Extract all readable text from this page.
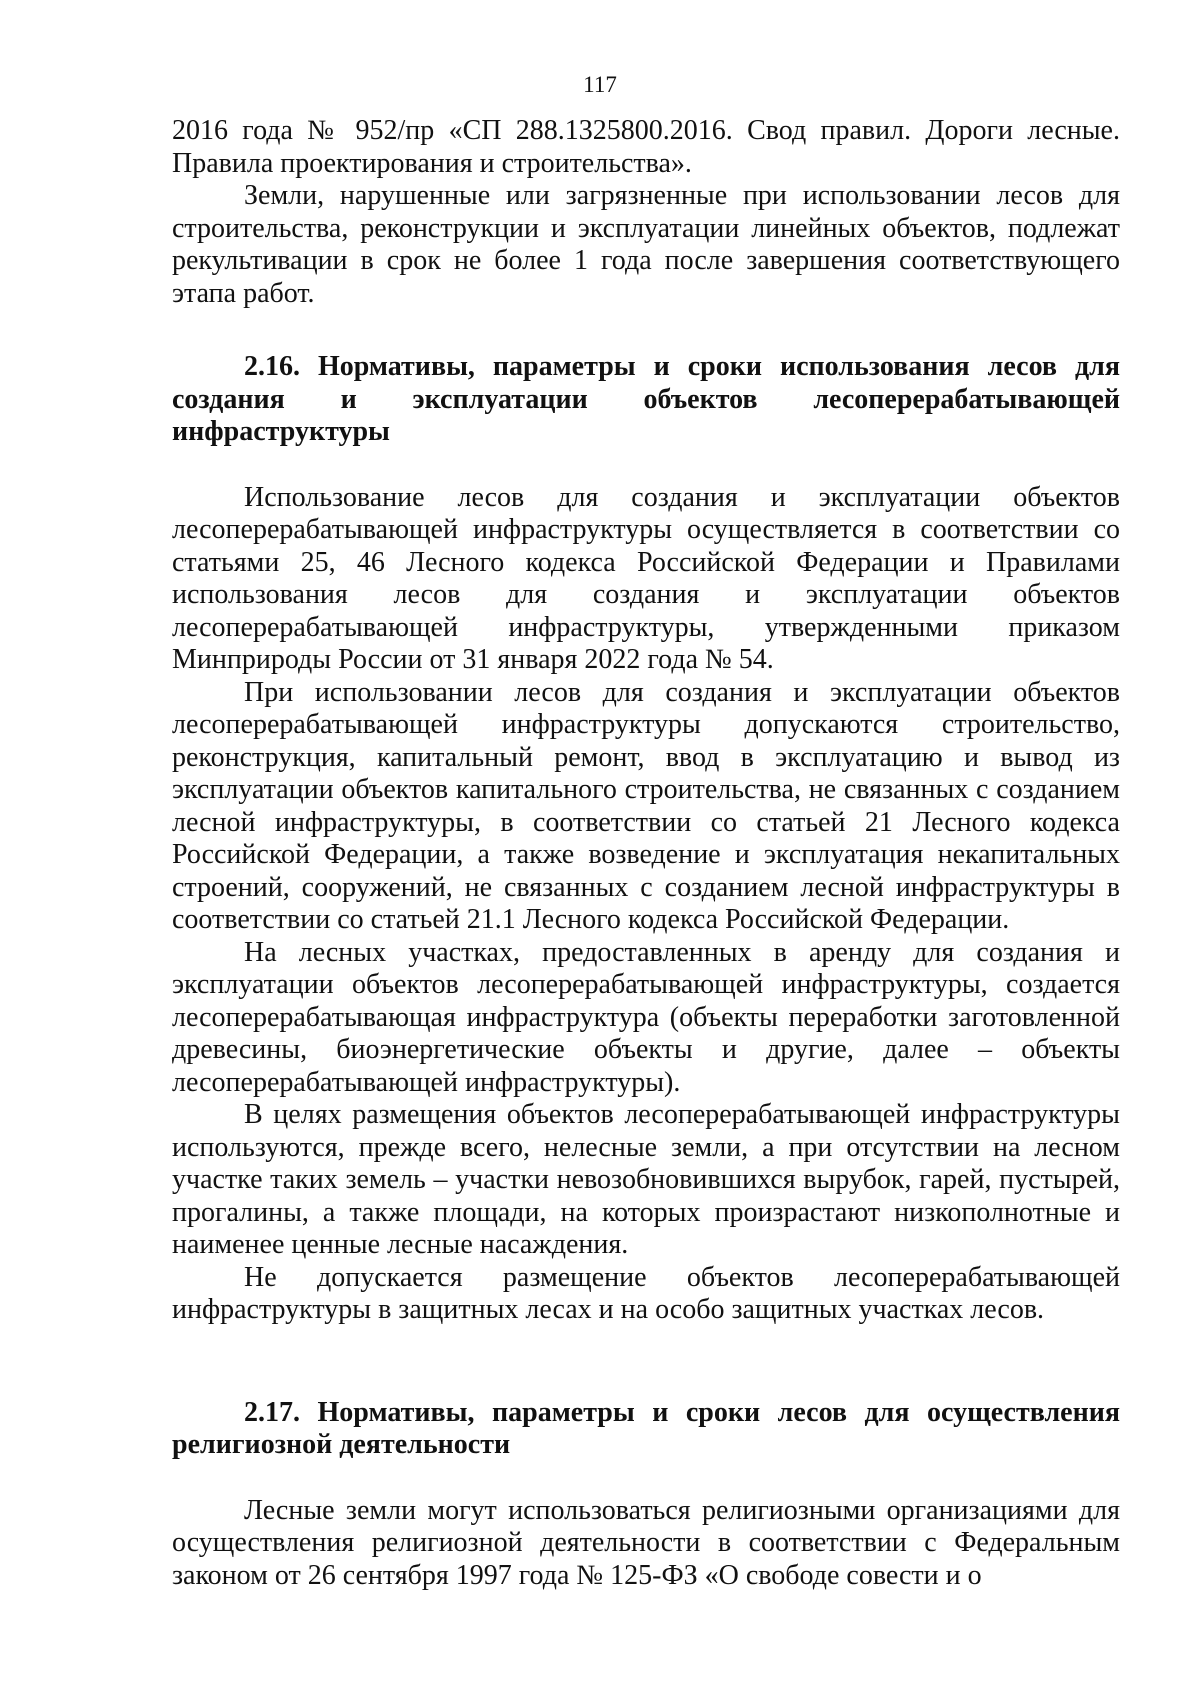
117

2016 года № 952/пр «СП 288.1325800.2016. Свод правил. Дороги лесные. Правила проектирования и строительства».

Земли, нарушенные или загрязненные при использовании лесов для строительства, реконструкции и эксплуатации линейных объектов, подлежат рекультивации в срок не более 1 года после завершения соответствующего этапа работ.

2.16. Нормативы, параметры и сроки использования лесов для создания и эксплуатации объектов лесоперерабатывающей инфраструктуры

Использование лесов для создания и эксплуатации объектов лесоперерабатывающей инфраструктуры осуществляется в соответствии со статьями 25, 46 Лесного кодекса Российской Федерации и Правилами использования лесов для создания и эксплуатации объектов лесоперерабатывающей инфраструктуры, утвержденными приказом Минприроды России от 31 января 2022 года № 54.

При использовании лесов для создания и эксплуатации объектов лесоперерабатывающей инфраструктуры допускаются строительство, реконструкция, капитальный ремонт, ввод в эксплуатацию и вывод из эксплуатации объектов капитального строительства, не связанных с созданием лесной инфраструктуры, в соответствии со статьей 21 Лесного кодекса Российской Федерации, а также возведение и эксплуатация некапитальных строений, сооружений, не связанных с созданием лесной инфраструктуры в соответствии со статьей 21.1 Лесного кодекса Российской Федерации.

На лесных участках, предоставленных в аренду для создания и эксплуатации объектов лесоперерабатывающей инфраструктуры, создается лесоперерабатывающая инфраструктура (объекты переработки заготовленной древесины, биоэнергетические объекты и другие, далее – объекты лесоперерабатывающей инфраструктуры).

В целях размещения объектов лесоперерабатывающей инфраструктуры используются, прежде всего, нелесные земли, а при отсутствии на лесном участке таких земель – участки невозобновившихся вырубок, гарей, пустырей, прогалины, а также площади, на которых произрастают низкополнотные и наименее ценные лесные насаждения.

Не допускается размещение объектов лесоперерабатывающей инфраструктуры в защитных лесах и на особо защитных участках лесов.

2.17. Нормативы, параметры и сроки лесов для осуществления религиозной деятельности

Лесные земли могут использоваться религиозными организациями для осуществления религиозной деятельности в соответствии с Федеральным законом от 26 сентября 1997 года № 125-ФЗ «О свободе совести и о
